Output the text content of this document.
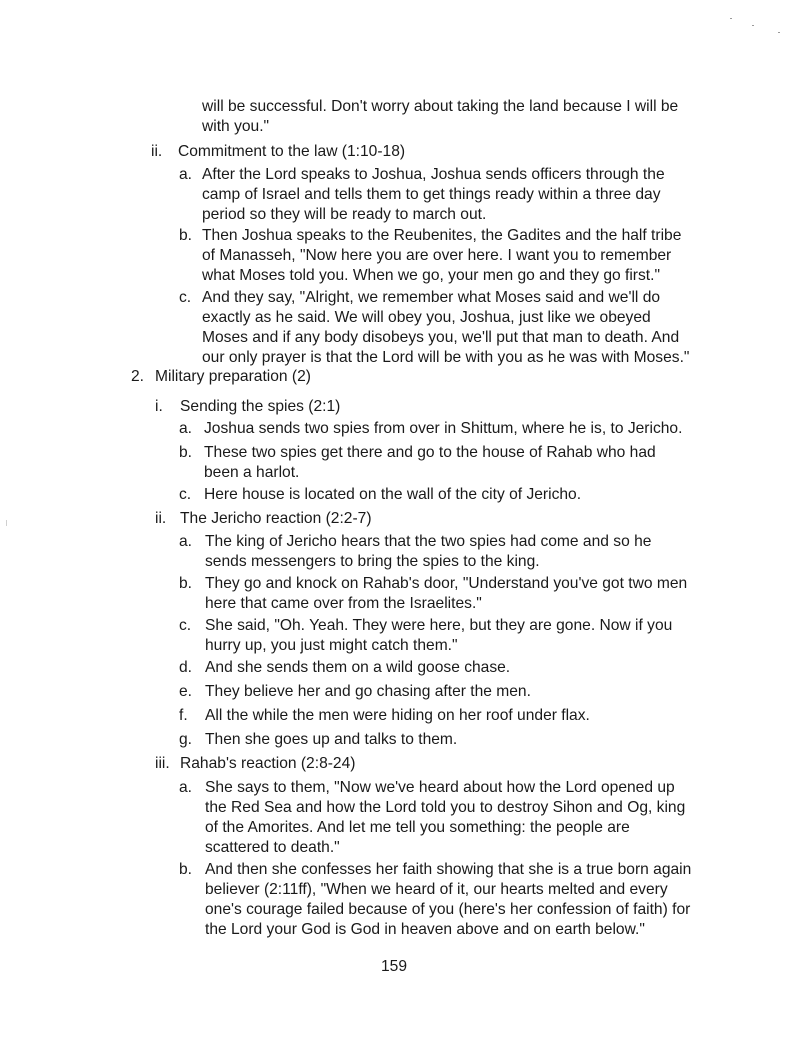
will be successful. Don't worry about taking the land because I will be
with you."
ii. Commitment to the law (1:10-18)
a. After the Lord speaks to Joshua, Joshua sends officers through the
camp of Israel and tells them to get things ready within a three day
period so they will be ready to march out.
b. Then Joshua speaks to the Reubenites, the Gadites and the half tribe
of Manasseh, "Now here you are over here. I want you to remember
what Moses told you. When we go, your men go and they go first."
c. And they say, "Alright, we remember what Moses said and we'll do
exactly as he said. We will obey you, Joshua, just like we obeyed
Moses and if any body disobeys you, we'll put that man to death. And
our only prayer is that the Lord will be with you as he was with Moses."
2. Military preparation (2)
i. Sending the spies (2:1)
a. Joshua sends two spies from over in Shittum, where he is, to Jericho.
b. These two spies get there and go to the house of Rahab who had
been a harlot.
c. Here house is located on the wall of the city of Jericho.
ii. The Jericho reaction (2:2-7)
a. The king of Jericho hears that the two spies had come and so he
sends messengers to bring the spies to the king.
b. They go and knock on Rahab's door, "Understand you've got two men
here that came over from the Israelites."
c. She said, "Oh. Yeah. They were here, but they are gone. Now if you
hurry up, you just might catch them."
d. And she sends them on a wild goose chase.
e. They believe her and go chasing after the men.
f. All the while the men were hiding on her roof under flax.
g. Then she goes up and talks to them.
iii. Rahab's reaction (2:8-24)
a. She says to them, "Now we've heard about how the Lord opened up
the Red Sea and how the Lord told you to destroy Sihon and Og, king
of the Amorites. And let me tell you something: the people are
scattered to death."
b. And then she confesses her faith showing that she is a true born again
believer (2:11ff), "When we heard of it, our hearts melted and every
one's courage failed because of you (here's her confession of faith) for
the Lord your God is God in heaven above and on earth below."
159
